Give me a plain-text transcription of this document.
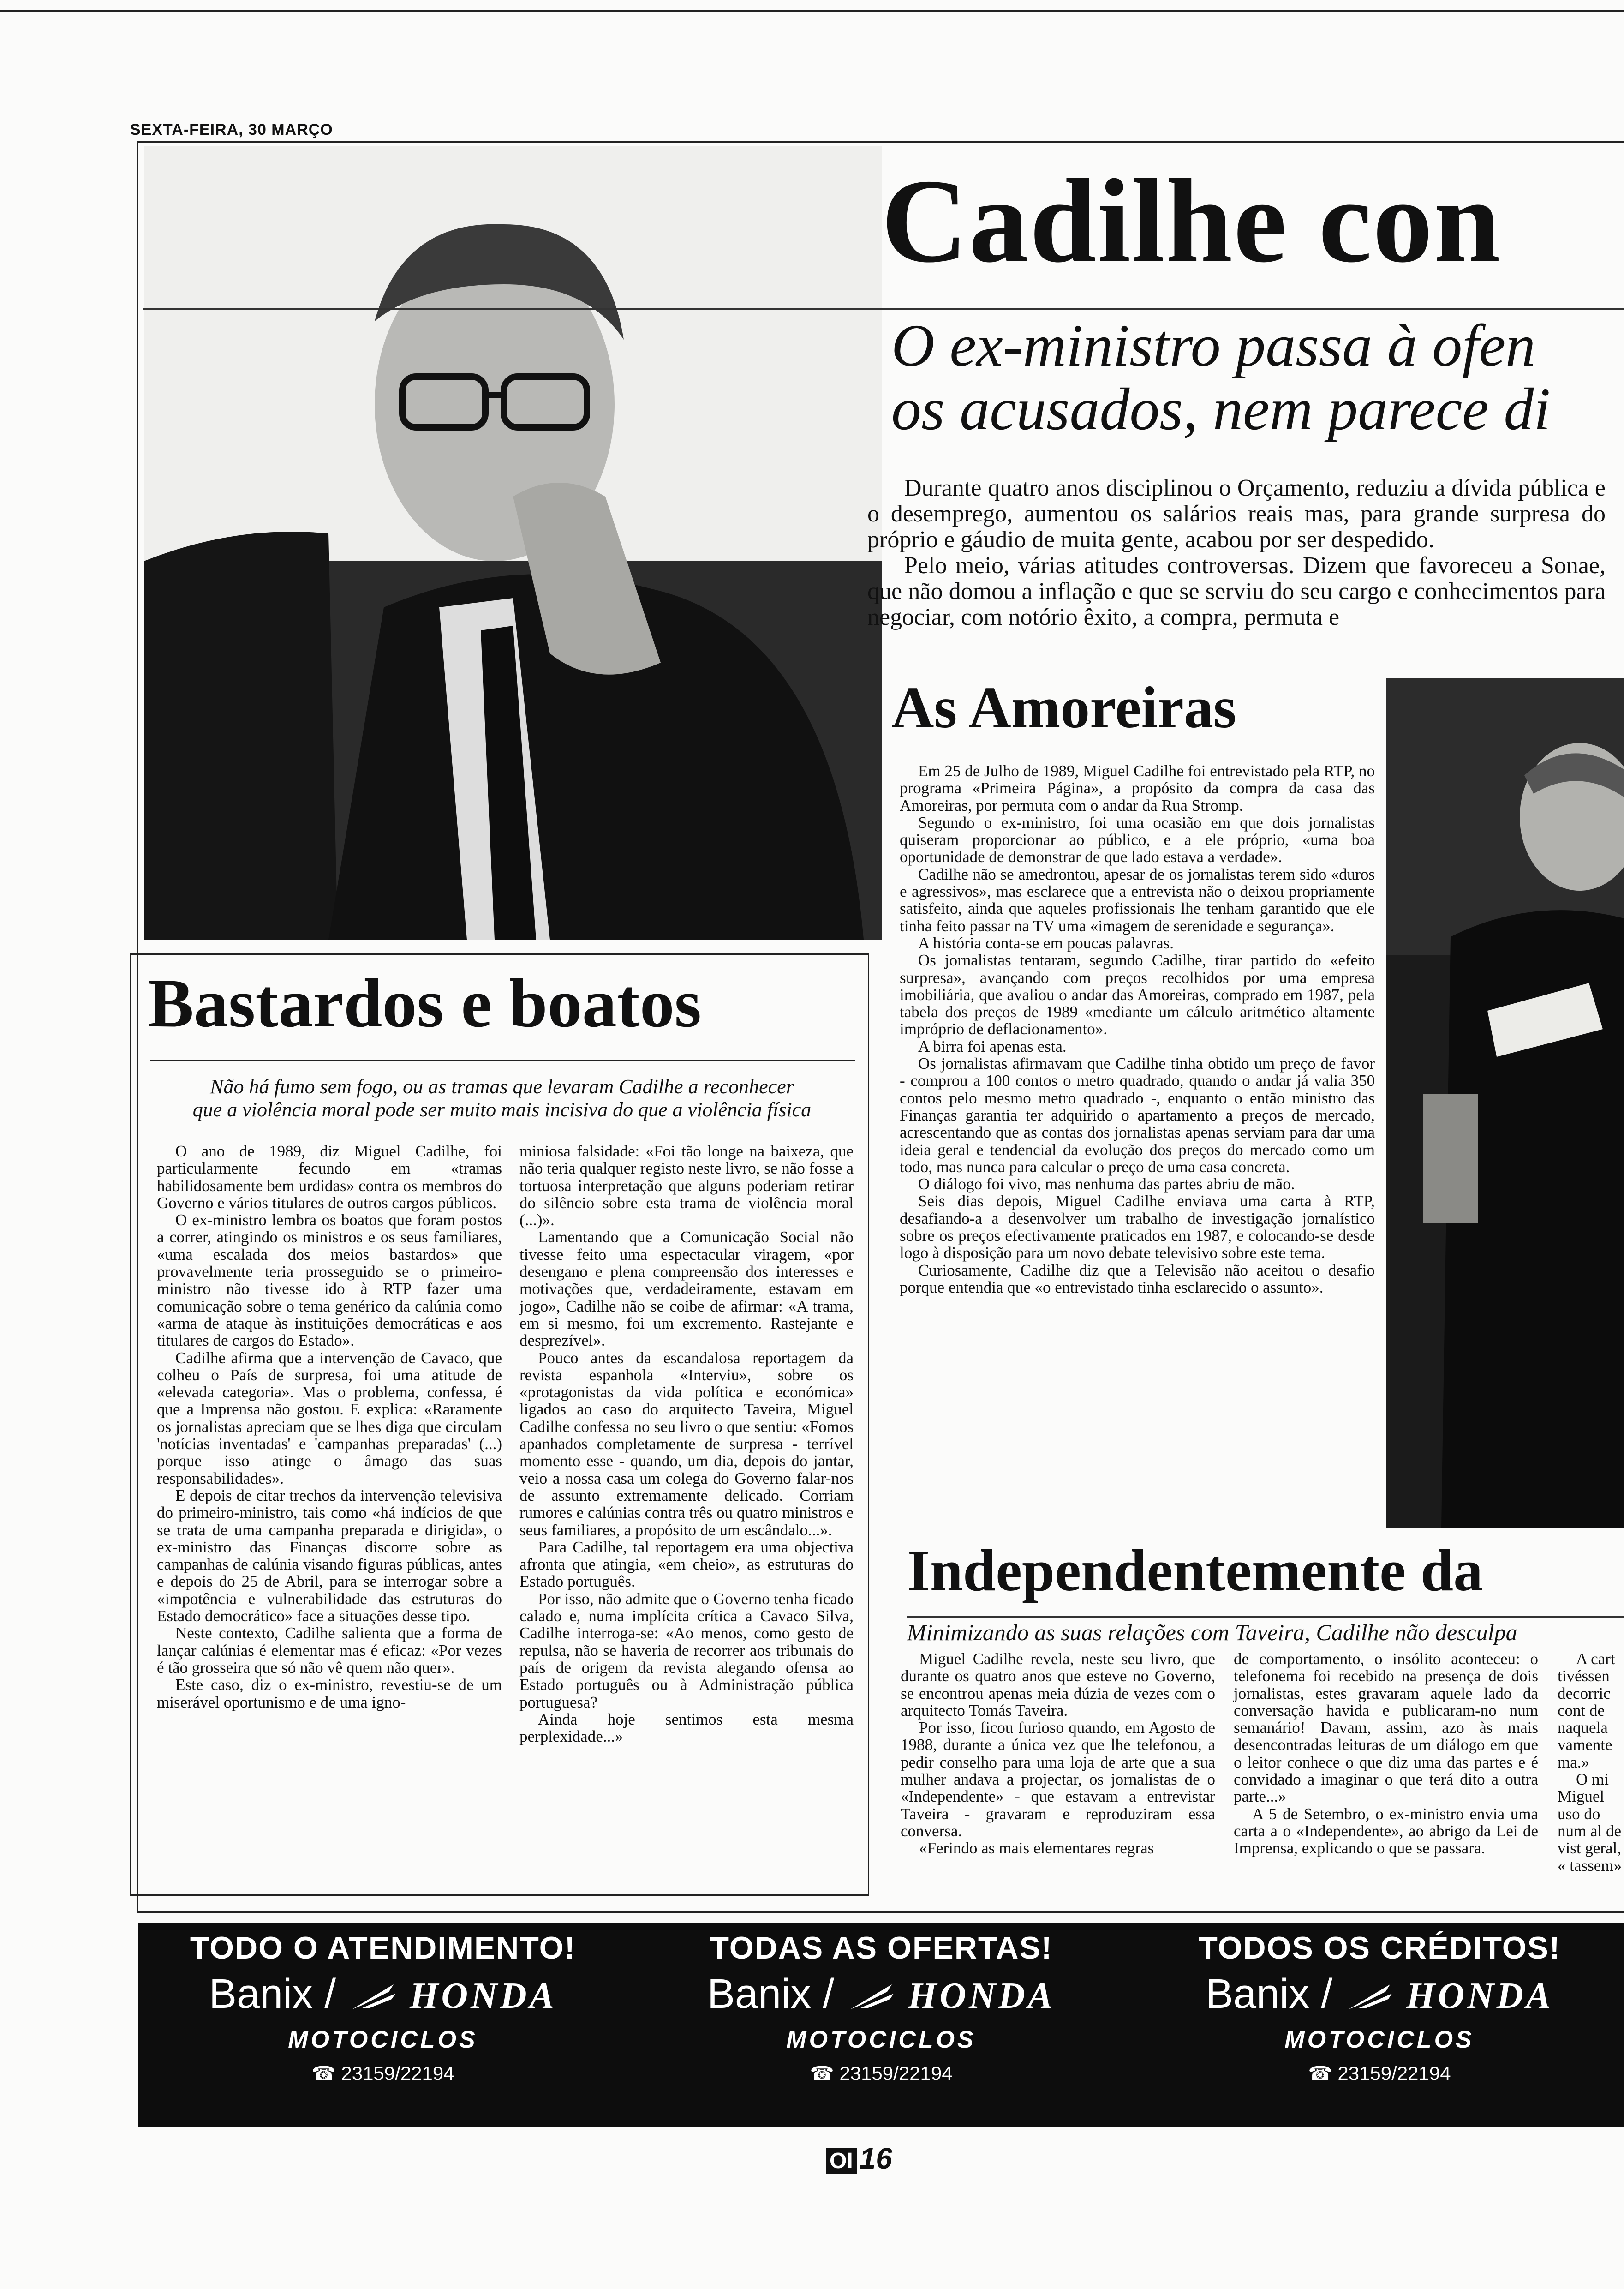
SEXTA-FEIRA, 30 MARÇO
Cadilhe con
O ex-ministro passa à ofen
os acusados, nem parece di

Durante quatro anos disciplinou o Orçamento, reduziu a dívida pública e o desemprego, aumentou os salários reais mas, para grande surpresa do próprio e gáudio de muita gente, acabou por ser despedido.

Pelo meio, várias atitudes controversas. Dizem que favoreceu a Sonae, que não domou a inflação e que se serviu do seu cargo e conhecimentos para negociar, com notório êxito, a compra, permuta e

As Amoreiras

Em 25 de Julho de 1989, Miguel Cadilhe foi entrevistado pela RTP, no programa «Primeira Página», a propósito da compra da casa das Amoreiras, por permuta com o andar da Rua Stromp.

Segundo o ex-ministro, foi uma ocasião em que dois jornalistas quiseram proporcionar ao público, e a ele próprio, «uma boa oportunidade de demonstrar de que lado estava a verdade».

Cadilhe não se amedrontou, apesar de os jornalistas terem sido «duros e agressivos», mas esclarece que a entrevista não o deixou propriamente satisfeito, ainda que aqueles profissionais lhe tenham garantido que ele tinha feito passar na TV uma «imagem de serenidade e segurança».

A história conta-se em poucas palavras.

Os jornalistas tentaram, segundo Cadilhe, tirar partido do «efeito surpresa», avançando com preços recolhidos por uma empresa imobiliária, que avaliou o andar das Amoreiras, comprado em 1987, pela tabela dos preços de 1989 «mediante um cálculo aritmético altamente impróprio de deflacionamento».

A birra foi apenas esta.

Os jornalistas afirmavam que Cadilhe tinha obtido um preço de favor - comprou a 100 contos o metro quadrado, quando o andar já valia 350 contos pelo mesmo metro quadrado -, enquanto o então ministro das Finanças garantia ter adquirido o apartamento a preços de mercado, acrescentando que as contas dos jornalistas apenas serviam para dar uma ideia geral e tendencial da evolução dos preços do mercado como um todo, mas nunca para calcular o preço de uma casa concreta.

O diálogo foi vivo, mas nenhuma das partes abriu de mão.

Seis dias depois, Miguel Cadilhe enviava uma carta à RTP, desafiando-a a desenvolver um trabalho de investigação jornalístico sobre os preços efectivamente praticados em 1987, e colocando-se desde logo à disposição para um novo debate televisivo sobre este tema.

Curiosamente, Cadilhe diz que a Televisão não aceitou o desafio porque entendia que «o entrevistado tinha esclarecido o assunto».

Bastardos e boatos
Não há fumo sem fogo, ou as tramas que levaram Cadilhe a reconhecer
que a violência moral pode ser muito mais incisiva do que a violência física

O ano de 1989, diz Miguel Cadilhe, foi particularmente fecundo em «tramas habilidosamente bem urdidas» contra os membros do Governo e vários titulares de outros cargos públicos.

O ex-ministro lembra os boatos que foram postos a correr, atingindo os ministros e os seus familiares, «uma escalada dos meios bastardos» que provavelmente teria prosseguido se o primeiro-ministro não tivesse ido à RTP fazer uma comunicação sobre o tema genérico da calúnia como «arma de ataque às instituições democráticas e aos titulares de cargos do Estado».

Cadilhe afirma que a intervenção de Cavaco, que colheu o País de surpresa, foi uma atitude de «elevada categoria». Mas o problema, confessa, é que a Imprensa não gostou. E explica: «Raramente os jornalistas apreciam que se lhes diga que circulam 'notícias inventadas' e 'campanhas preparadas' (...) porque isso atinge o âmago das suas responsabilidades».

E depois de citar trechos da intervenção televisiva do primeiro-ministro, tais como «há indícios de que se trata de uma campanha preparada e dirigida», o ex-ministro das Finanças discorre sobre as campanhas de calúnia visando figuras públicas, antes e depois do 25 de Abril, para se interrogar sobre a «impotência e vulnerabilidade das estruturas do Estado democrático» face a situações desse tipo.

Neste contexto, Cadilhe salienta que a forma de lançar calúnias é elementar mas é eficaz: «Por vezes é tão grosseira que só não vê quem não quer».

Este caso, diz o ex-ministro, revestiu-se de um miserável oportunismo e de uma igno-

miniosa falsidade: «Foi tão longe na baixeza, que não teria qualquer registo neste livro, se não fosse a tortuosa interpretação que alguns poderiam retirar do silêncio sobre esta trama de violência moral (...)».

Lamentando que a Comunicação Social não tivesse feito uma espectacular viragem, «por desengano e plena compreensão dos interesses e motivações que, verdadeiramente, estavam em jogo», Cadilhe não se coibe de afirmar: «A trama, em si mesmo, foi um excremento. Rastejante e desprezível».

Pouco antes da escandalosa reportagem da revista espanhola «Interviu», sobre os «protagonistas da vida política e económica» ligados ao caso do arquitecto Taveira, Miguel Cadilhe confessa no seu livro o que sentiu: «Fomos apanhados completamente de surpresa - terrível momento esse - quando, um dia, depois do jantar, veio a nossa casa um colega do Governo falar-nos de assunto extremamente delicado. Corriam rumores e calúnias contra três ou quatro ministros e seus familiares, a propósito de um escândalo...».

Para Cadilhe, tal reportagem era uma objectiva afronta que atingia, «em cheio», as estruturas do Estado português.

Por isso, não admite que o Governo tenha ficado calado e, numa implícita crítica a Cavaco Silva, Cadilhe interroga-se: «Ao menos, como gesto de repulsa, não se haveria de recorrer aos tribunais do país de origem da revista alegando ofensa ao Estado português ou à Administração pública portuguesa?

Ainda hoje sentimos esta mesma perplexidade...»

Independentemente da
Minimizando as suas relações com Taveira, Cadilhe não desculpa

Miguel Cadilhe revela, neste seu livro, que durante os quatro anos que esteve no Governo, se encontrou apenas meia dúzia de vezes com o arquitecto Tomás Taveira.

Por isso, ficou furioso quando, em Agosto de 1988, durante a única vez que lhe telefonou, a pedir conselho para uma loja de arte que a sua mulher andava a projectar, os jornalistas de o «Independente» - que estavam a entrevistar Taveira - gravaram e reproduziram essa conversa.

«Ferindo as mais elementares regras

de comportamento, o insólito aconteceu: o telefonema foi recebido na presença de dois jornalistas, estes gravaram aquele lado da conversação havida e publicaram-no num semanário! Davam, assim, azo às mais desencontradas leituras de um diálogo em que o leitor conhece o que diz uma das partes e é convidado a imaginar o que terá dito a outra parte...»

A 5 de Setembro, o ex-ministro envia uma carta a o «Independente», ao abrigo da Lei de Imprensa, explicando o que se passara.

A cart tivéssen decorric cont de naquela vamente ma.»

O mi Miguel uso do num al de vist geral, « tassem»

TODO O ATENDIMENTO!
Banix / HONDA
MOTOCICLOS
☎ 23159/22194
TODAS AS OFERTAS!
Banix / HONDA
MOTOCICLOS
☎ 23159/22194
TODOS OS CRÉDITOS!
Banix / HONDA
MOTOCICLOS
☎ 23159/22194
OI 16
